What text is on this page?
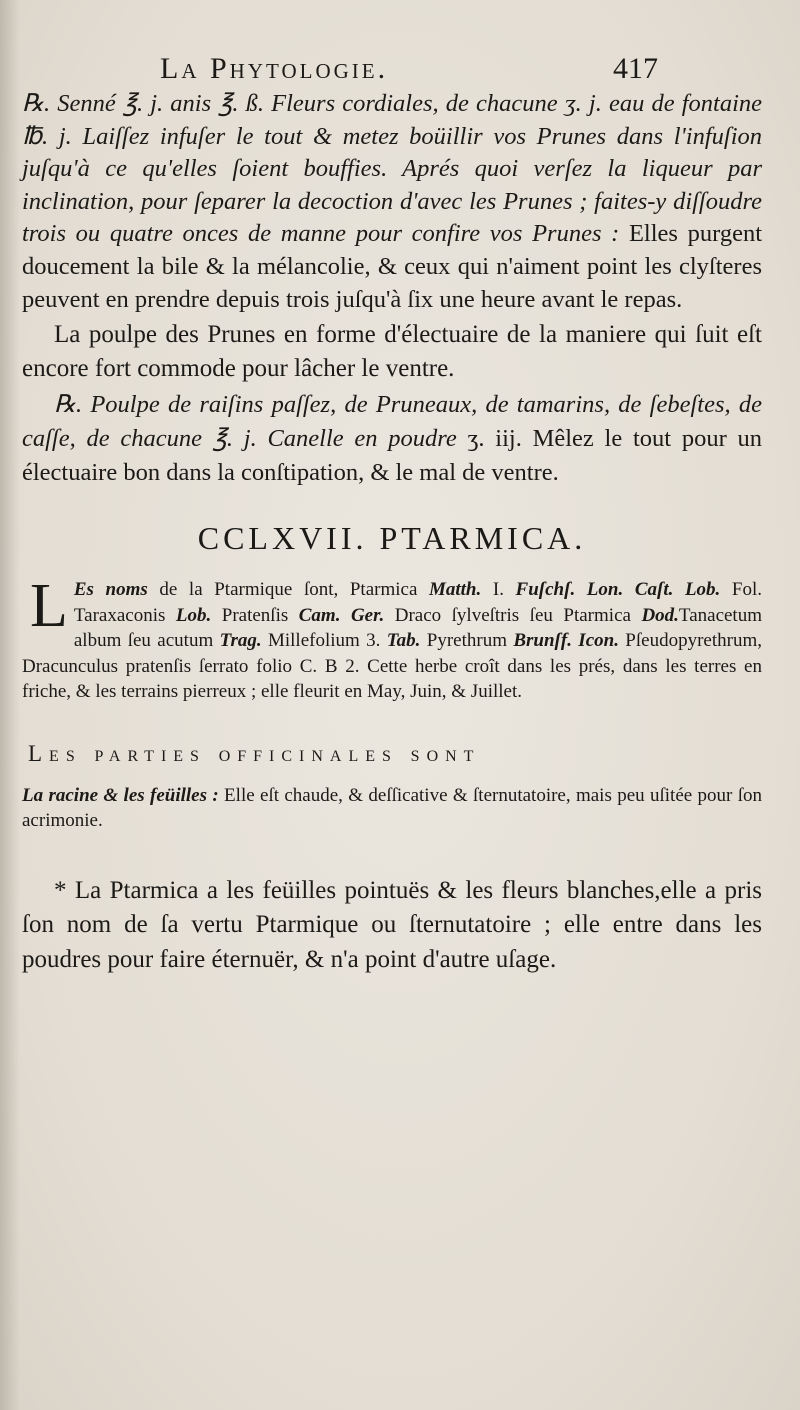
La Phytologie.	417

℞. Senné ℥. j. anis ℥. ß. Fleurs cordiales, de chacune ʒ. j. eau de fontaine ℔. j. Laiſſez infuſer le tout & metez boüillir vos Prunes dans l'infuſion juſqu'à ce qu'elles ſoient bouffies. Aprés quoi verſez la liqueur par inclination, pour ſeparer la decoction d'avec les Prunes ; faites-y diſſoudre trois ou quatre onces de manne pour confire vos Prunes : Elles purgent doucement la bile & la mélancolie, & ceux qui n'aiment point les clyſteres peuvent en prendre depuis trois juſqu'à ſix une heure avant le repas.

La poulpe des Prunes en forme d'électuaire de la maniere qui ſuit eſt encore fort commode pour lâcher le ventre.

℞. Poulpe de raiſins paſſez, de Pruneaux, de tamarins, de ſebeſtes, de caſſe, de chacune ℥. j. Canelle en poudre ʒ. iij. Mêlez le tout pour un électuaire bon dans la conſtipation, & le mal de ventre.

CCLXVII. PTARMICA.

L Es noms de la Ptarmique ſont, Ptarmica Matth. I. Fuſchſ. Lon. Caſt. Lob. Fol. Taraxaconis Lob. Pratenſis Cam. Ger. Draco ſylveſtris ſeu Ptarmica Dod.Tanacetum album ſeu acutum Trag. Millefolium 3. Tab. Pyrethrum Brunſf. Icon. Pſeudopyrethrum, Dracunculus pratenſis ſerrato folio C. B 2. Cette herbe croît dans les prés, dans les terres en friche, & les terrains pierreux ; elle fleurit en May, Juin, & Juillet.

Les parties officinales sont

La racine & les feüilles : Elle eſt chaude, & deſſicative & ſternutatoire, mais peu uſitée pour ſon acrimonie.

* La Ptarmica a les feüilles pointuës & les fleurs blanches,elle a pris ſon nom de ſa vertu Ptarmique ou ſternutatoire ; elle entre dans les poudres pour faire éternuër, & n'a point d'autre uſage.
